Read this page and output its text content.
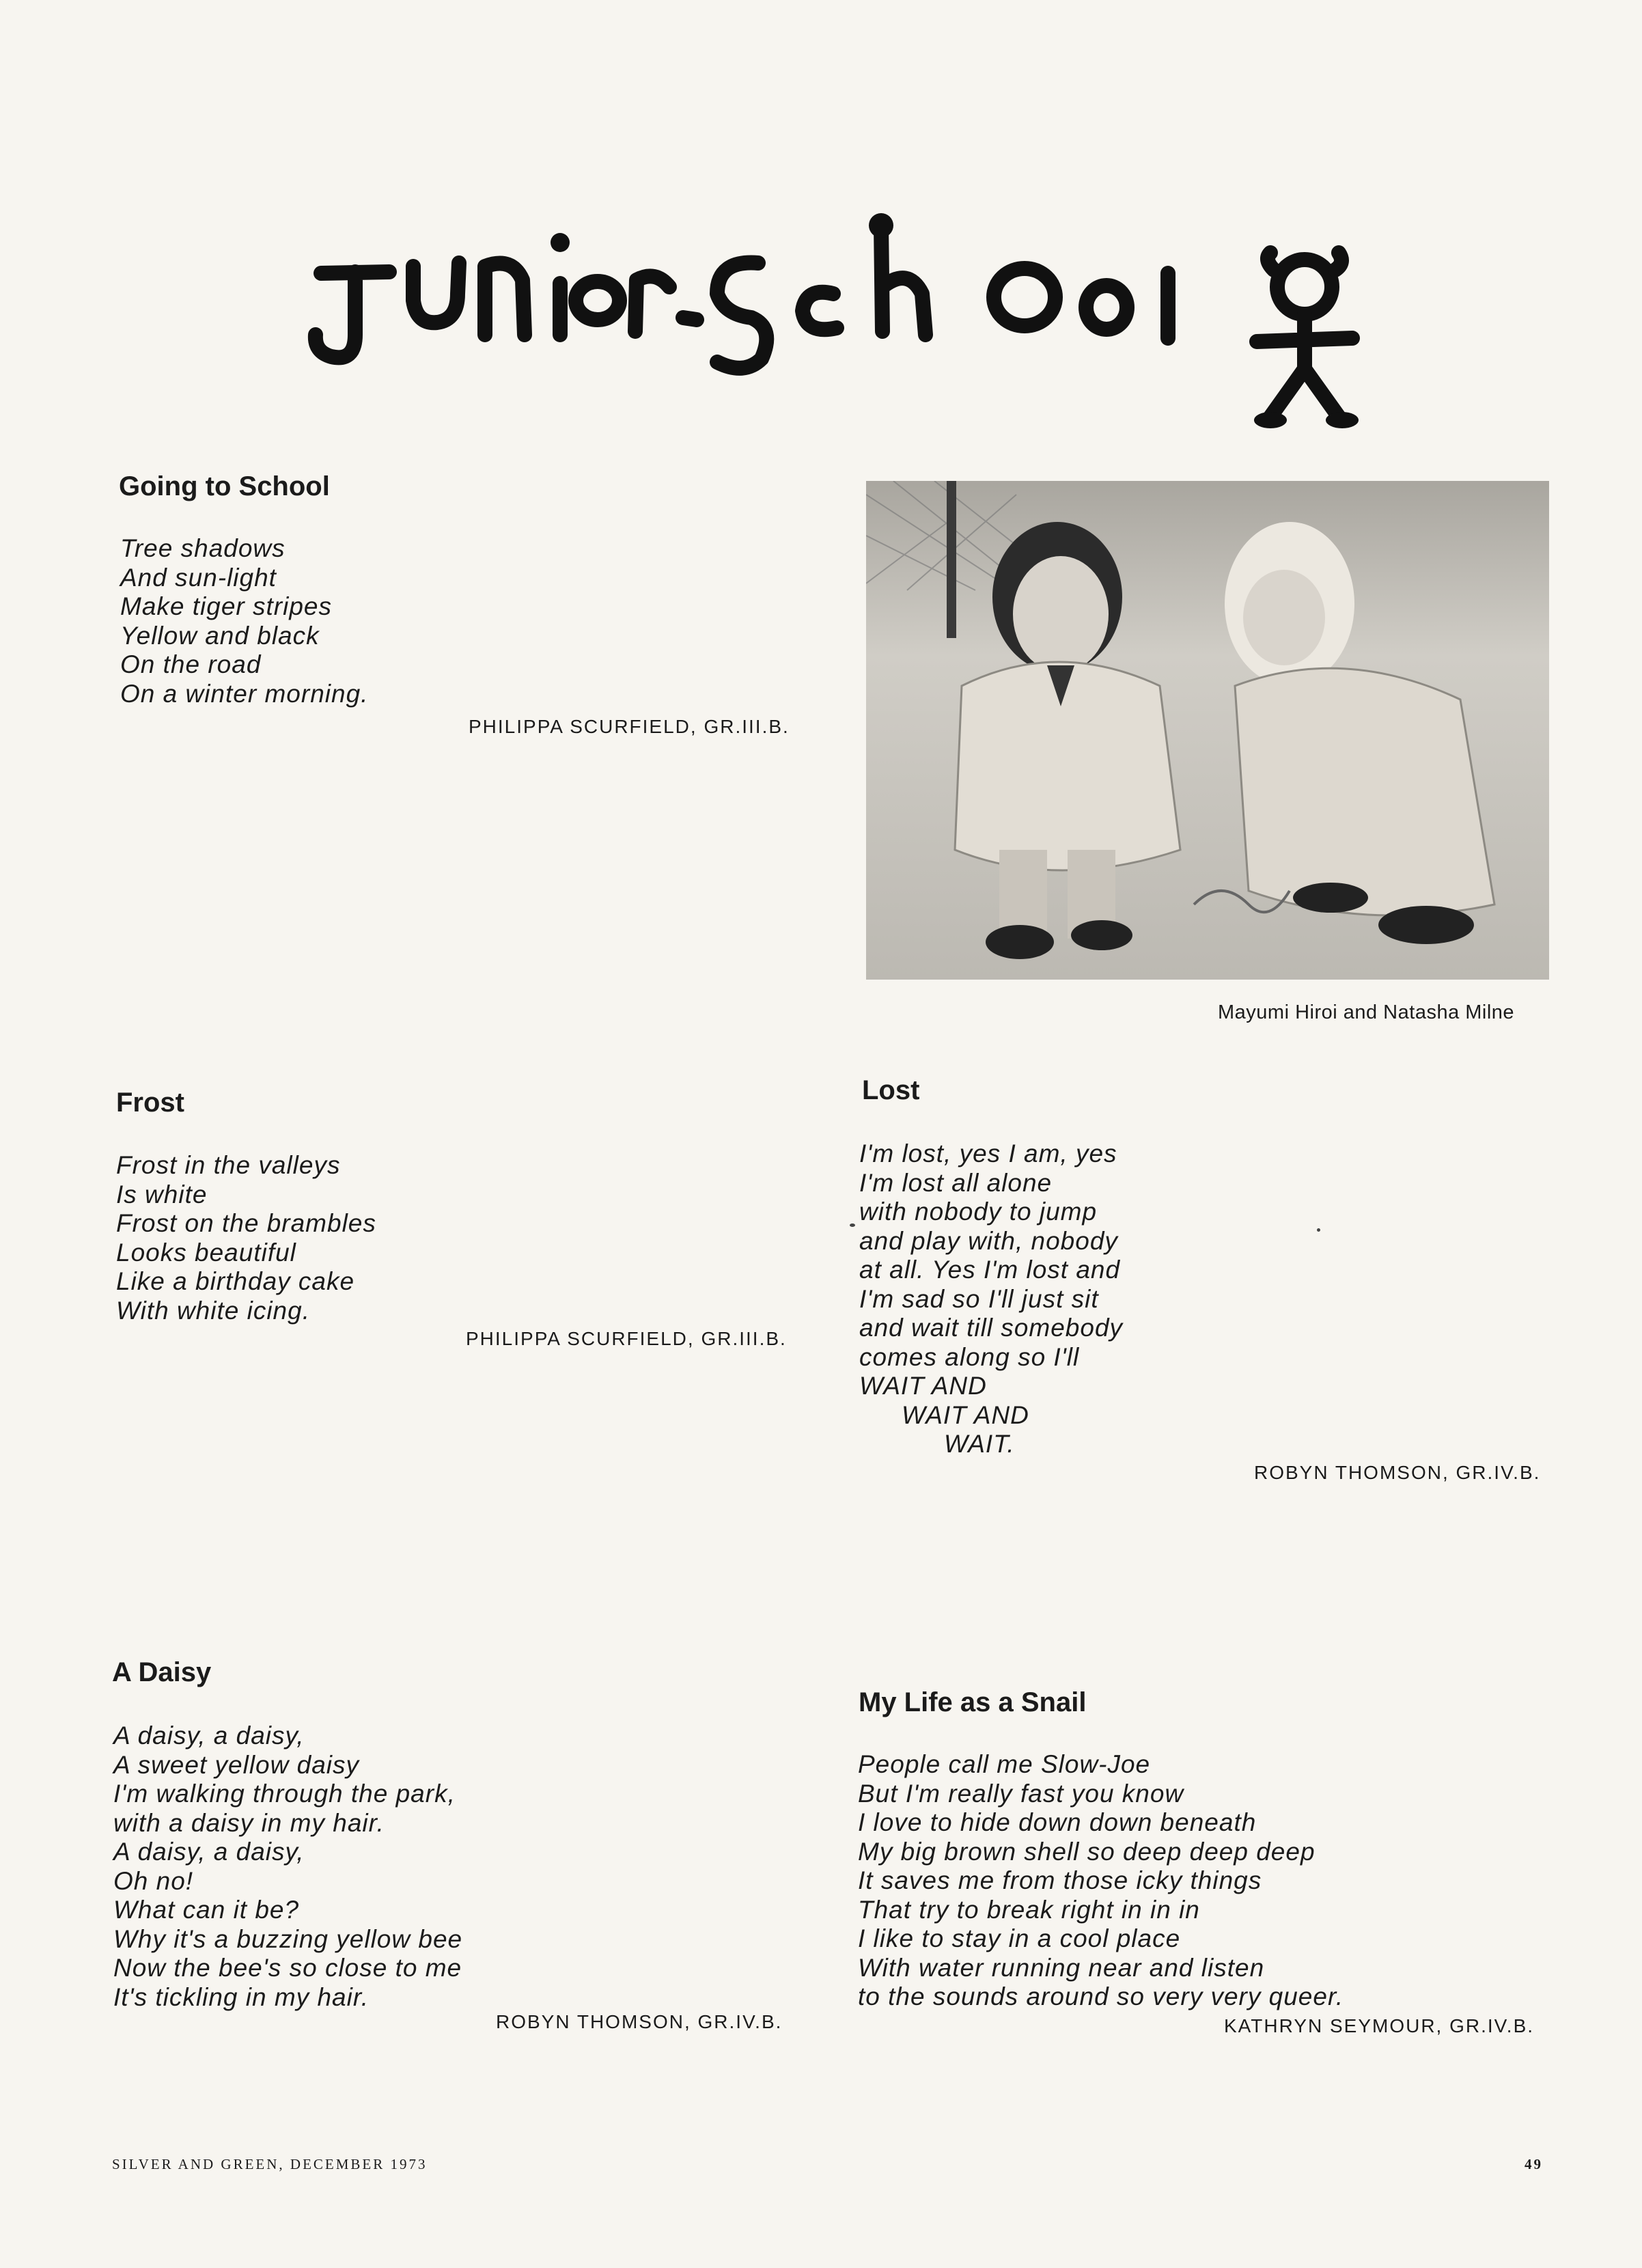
Going to School
Tree shadows
And sun-light
Make tiger stripes
Yellow and black
On the road
On a winter morning.
PHILIPPA SCURFIELD, GR.III.B.
Mayumi Hiroi and Natasha Milne
Frost
Frost in the valleys
Is white
Frost on the brambles
Looks beautiful
Like a birthday cake
With white icing.
PHILIPPA SCURFIELD, GR.III.B.
Lost
I'm lost, yes I am, yes
I'm lost all alone
with nobody to jump
and play with, nobody
at all. Yes I'm lost and
I'm sad so I'll just sit
and wait till somebody
comes along so I'll
WAIT AND
WAIT AND
WAIT.
ROBYN THOMSON, GR.IV.B.
A Daisy
A daisy, a daisy,
A sweet yellow daisy
I'm walking through the park,
with a daisy in my hair.
A daisy, a daisy,
Oh no!
What can it be?
Why it's a buzzing yellow bee
Now the bee's so close to me
It's tickling in my hair.
ROBYN THOMSON, GR.IV.B.
My Life as a Snail
People call me Slow-Joe
But I'm really fast you know
I love to hide down down beneath
My big brown shell so deep deep deep
It saves me from those icky things
That try to break right in in in
I like to stay in a cool place
With water running near and listen
to the sounds around so very very queer.
KATHRYN SEYMOUR, GR.IV.B.
SILVER AND GREEN, DECEMBER 1973	49
